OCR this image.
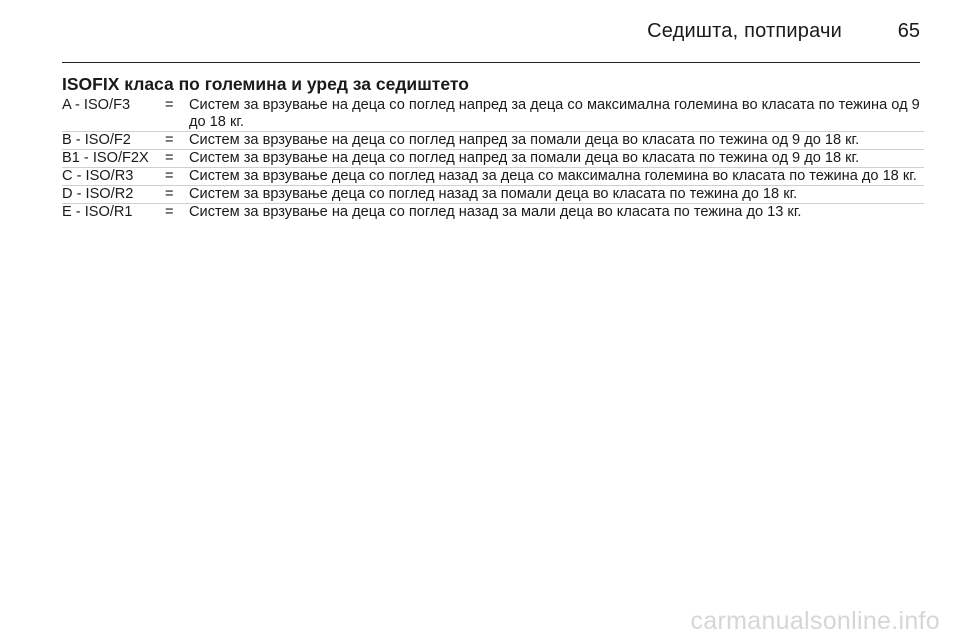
Седишта, потпирачи	65
ISOFIX класа по големина и уред за седиштето
A - ISO/F3	=	Систем за врзување на деца со поглед напред за деца со максимална големина во класата по тежина од 9 до 18 кг.
B - ISO/F2	=	Систем за врзување на деца со поглед напред за помали деца во класата по тежина од 9 до 18 кг.
B1 - ISO/F2X	=	Систем за врзување на деца со поглед напред за помали деца во класата по тежина од 9 до 18 кг.
C - ISO/R3	=	Систем за врзување деца со поглед назад за деца со максимална големина во класата по тежина до 18 кг.
D - ISO/R2	=	Систем за врзување деца со поглед назад за помали деца во класата по тежина до 18 кг.
E - ISO/R1	=	Систем за врзување на деца со поглед назад за мали деца во класата по тежина до 13 кг.
carmanualsonline.info
